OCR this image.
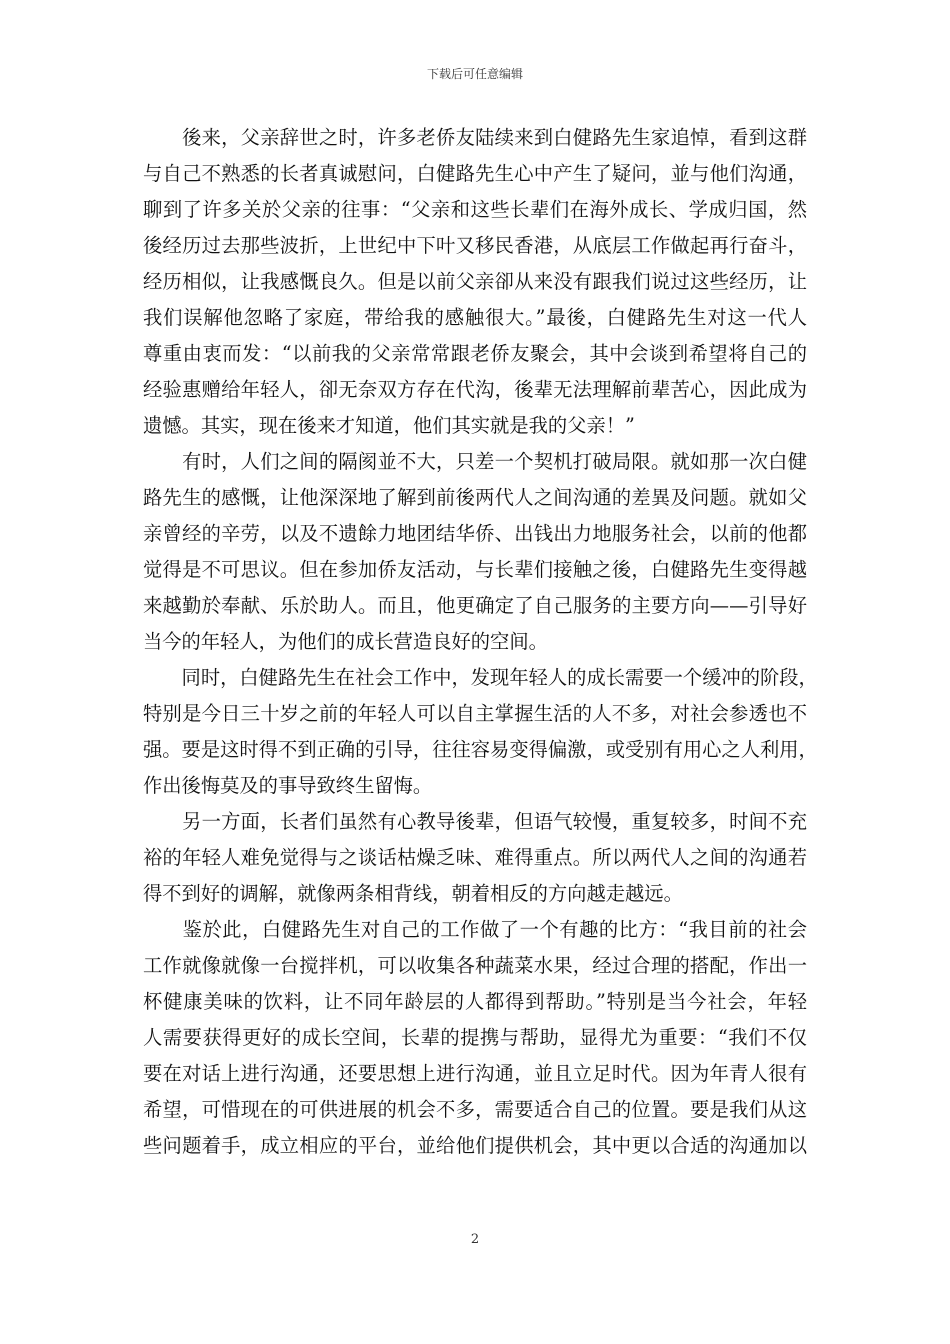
下载后可任意编辑
　　後来，父亲辞世之时，许多老侨友陆续来到白健路先生家追悼，看到这群
与自己不熟悉的长者真诚慰问，白健路先生心中产生了疑问，並与他们沟通，
聊到了许多关於父亲的往事：“父亲和这些长辈们在海外成长、学成归国，然
後经历过去那些波折，上世纪中下叶又移民香港，从底层工作做起再行奋斗，
经历相似，让我感慨良久。但是以前父亲卻从来没有跟我们说过这些经历，让
我们误解他忽略了家庭，带给我的感触很大。”最後，白健路先生对这一代人
尊重由衷而发：“以前我的父亲常常跟老侨友聚会，其中会谈到希望将自己的
经验惠赠给年轻人，卻无奈双方存在代沟，後辈无法理解前辈苦心，因此成为
遗憾。其实，现在後来才知道，他们其实就是我的父亲！”
　　有时，人们之间的隔阂並不大，只差一个契机打破局限。就如那一次白健
路先生的感慨，让他深深地了解到前後两代人之间沟通的差異及问题。就如父
亲曾经的辛劳，以及不遗餘力地团结华侨、出钱出力地服务社会，以前的他都
觉得是不可思议。但在参加侨友活动，与长辈们接触之後，白健路先生变得越
来越勤於奉献、乐於助人。而且，他更确定了自己服务的主要方向——引导好
当今的年轻人，为他们的成长营造良好的空间。
　　同时，白健路先生在社会工作中，发现年轻人的成长需要一个缓冲的阶段，
特别是今日三十岁之前的年轻人可以自主掌握生活的人不多，对社会参透也不
强。要是这时得不到正确的引导，往往容易变得偏激，或受别有用心之人利用，
作出後悔莫及的事导致终生留悔。
　　另一方面，长者们虽然有心教导後辈，但语气较慢，重复较多，时间不充
裕的年轻人难免觉得与之谈话枯燥乏味、难得重点。所以两代人之间的沟通若
得不到好的调解，就像两条相背线，朝着相反的方向越走越远。
　　鉴於此，白健路先生对自己的工作做了一个有趣的比方：“我目前的社会
工作就像就像一台搅拌机，可以收集各种蔬菜水果，经过合理的搭配，作出一
杯健康美味的饮料，让不同年龄层的人都得到帮助。”特别是当今社会，年轻
人需要获得更好的成长空间，长辈的提携与帮助，显得尤为重要：“我们不仅
要在对话上进行沟通，还要思想上进行沟通，並且立足时代。因为年青人很有
希望，可惜现在的可供进展的机会不多，需要适合自己的位置。要是我们从这
些问题着手，成立相应的平台，並给他们提供机会，其中更以合适的沟通加以
2
